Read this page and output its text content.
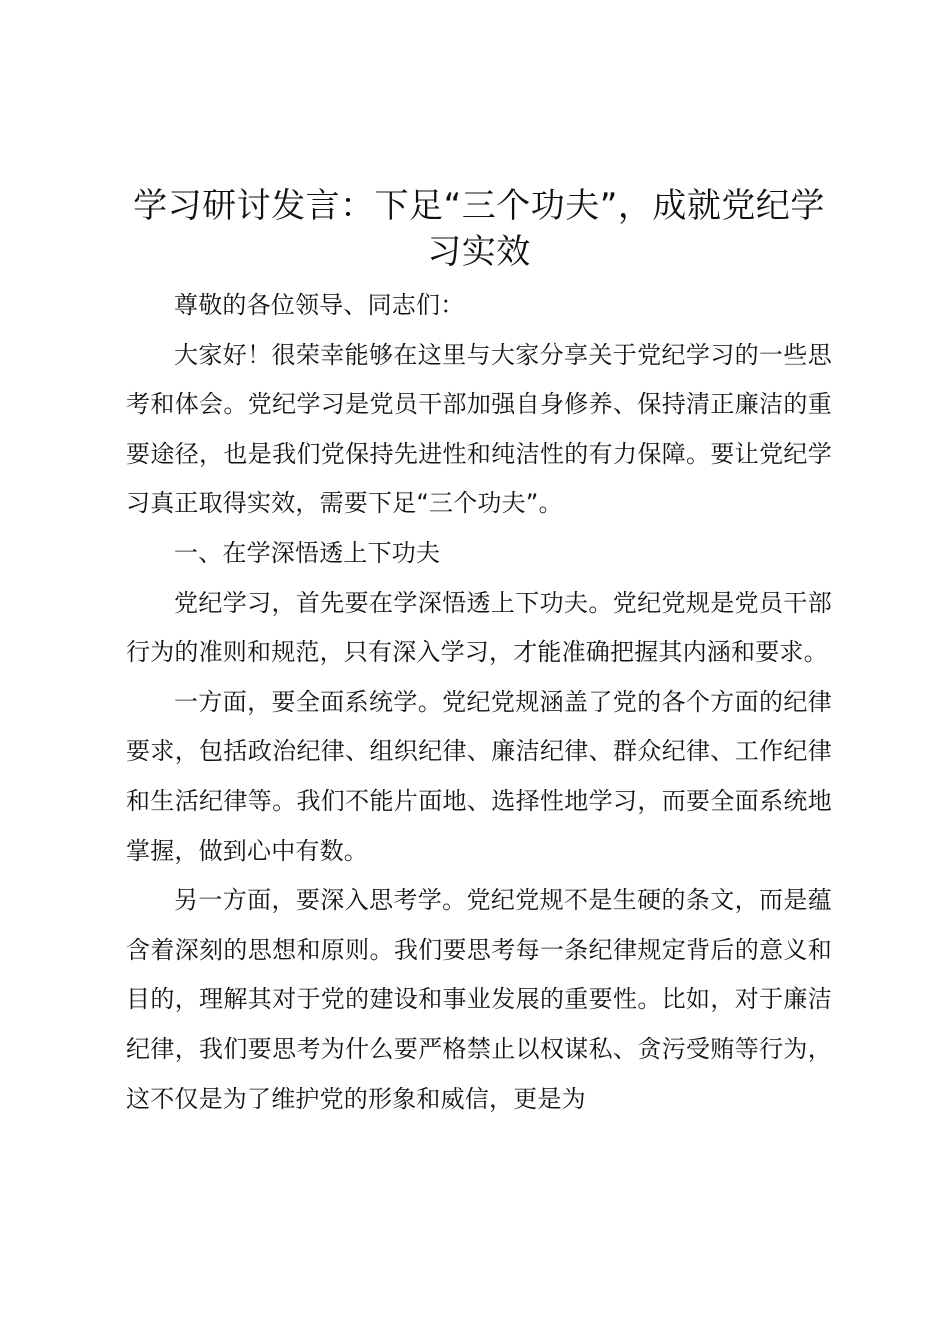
学习研讨发言：下足“三个功夫”，成就党纪学习实效

尊敬的各位领导、同志们：

大家好！很荣幸能够在这里与大家分享关于党纪学习的一些思考和体会。党纪学习是党员干部加强自身修养、保持清正廉洁的重要途径，也是我们党保持先进性和纯洁性的有力保障。要让党纪学习真正取得实效，需要下足“三个功夫”。

一、在学深悟透上下功夫

党纪学习，首先要在学深悟透上下功夫。党纪党规是党员干部行为的准则和规范，只有深入学习，才能准确把握其内涵和要求。

一方面，要全面系统学。党纪党规涵盖了党的各个方面的纪律要求，包括政治纪律、组织纪律、廉洁纪律、群众纪律、工作纪律和生活纪律等。我们不能片面地、选择性地学习，而要全面系统地掌握，做到心中有数。

另一方面，要深入思考学。党纪党规不是生硬的条文，而是蕴含着深刻的思想和原则。我们要思考每一条纪律规定背后的意义和目的，理解其对于党的建设和事业发展的重要性。比如，对于廉洁纪律，我们要思考为什么要严格禁止以权谋私、贪污受贿等行为，这不仅是为了维护党的形象和威信，更是为
